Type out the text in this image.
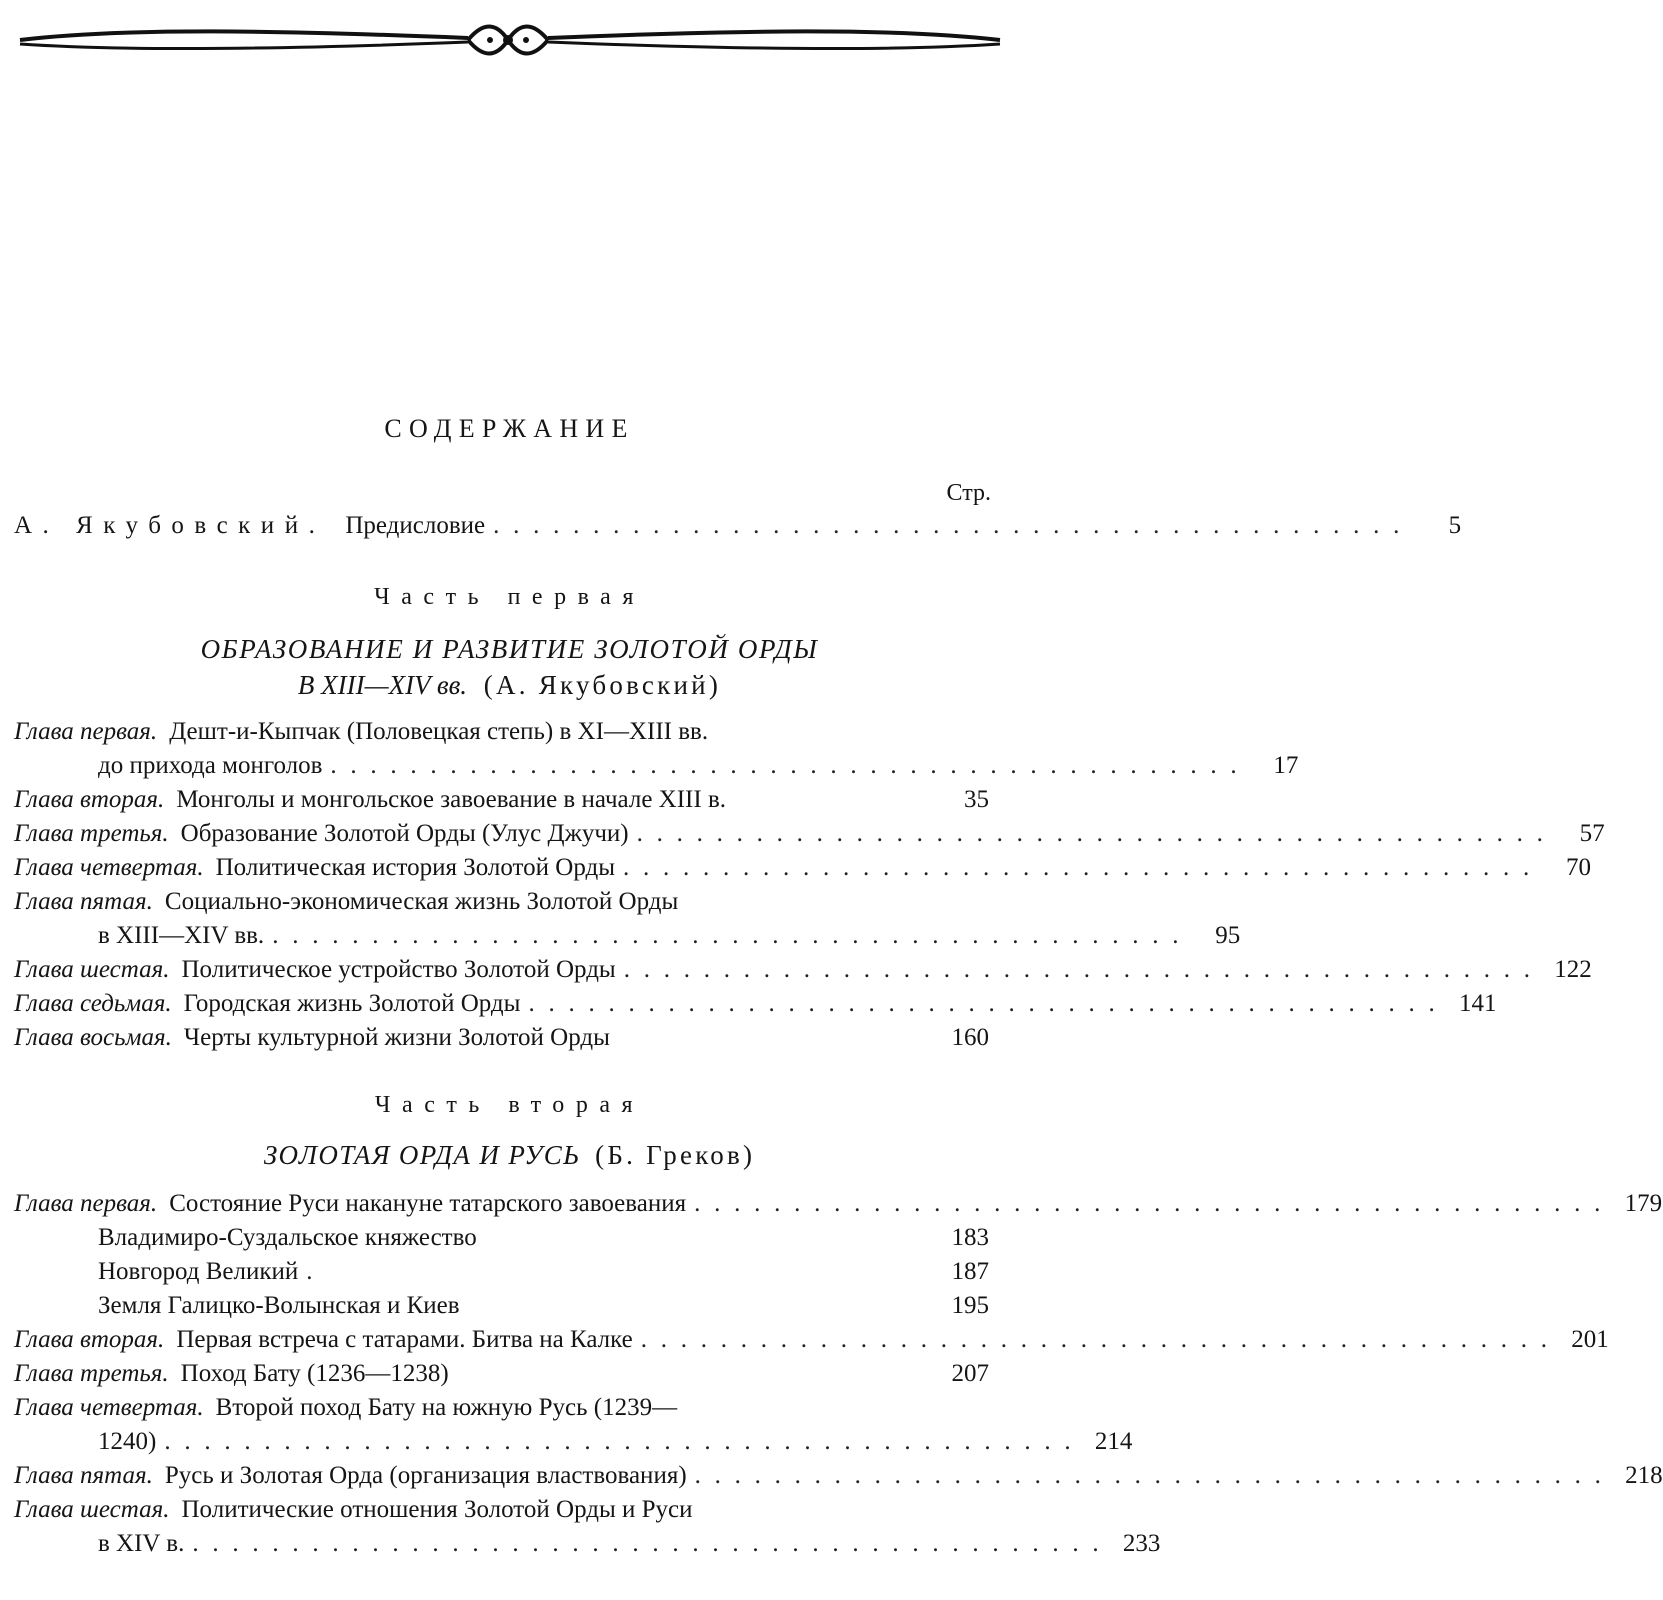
СОДЕРЖАНИЕ
Стр.
А. Якубовский. Предисловие ..............................................	5
Часть первая
ОБРАЗОВАНИЕ И РАЗВИТИЕ ЗОЛОТОЙ ОРДЫ
В XIII—XIV вв. (А. Якубовский)
Глава первая. Дешт-и-Кыпчак (Половецкая степь) в XI—XIII вв.
до прихода монголов .............................................. 17
Глава вторая. Монголы и монгольское завоевание в начале XIII в.	35
Глава третья. Образование Золотой Орды (Улус Джучи) .............................................. 57
Глава четвертая. Политическая история Золотой Орды .............................................. 70
Глава пятая. Социально-экономическая жизнь Золотой Орды
в XIII—XIV вв. .............................................. 95
Глава шестая. Политическое устройство Золотой Орды .............................................. 122
Глава седьмая. Городская жизнь Золотой Орды .............................................. 141
Глава восьмая. Черты культурной жизни Золотой Орды	160
Часть вторая
ЗОЛОТАЯ ОРДА И РУСЬ (Б. Греков)
Глава первая. Состояние Руси накануне татарского завоевания .............................................. 179
Владимиро-Суздальское княжество	183
Новгород Великий .	187
Земля Галицко-Волынская и Киев	195
Глава вторая. Первая встреча с татарами. Битва на Калке .............................................. 201
Глава третья. Поход Бату (1236—1238)	207
Глава четвертая. Второй поход Бату на южную Русь (1239—
1240) .............................................. 214
Глава пятая. Русь и Золотая Орда (организация властвования) .............................................. 218
Глава шестая. Политические отношения Золотой Орды и Руси
в XIV в. .............................................. 233
